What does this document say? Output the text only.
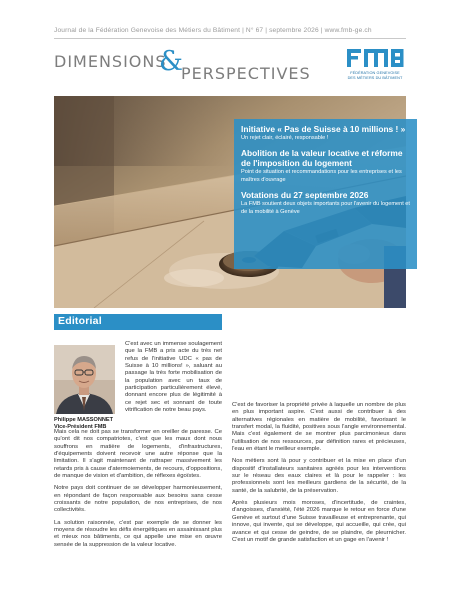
Journal de la Fédération Genevoise des Métiers du Bâtiment | N° 67 | septembre 2026 | www.fmb-ge.ch
DIMENSIONS
&
PERSPECTIVES	FÉDÉRATION GENEVOISE
DES MÉTIERS DU BÂTIMENT
Initiative « Pas de Suisse à 10 millions ! »
Un rejet clair, éclairé, responsable !
Abolition de la valeur locative et réforme de l'imposition du logement
Point de situation et recommandations pour les entreprises et les maîtres d'ouvrage
Votations du 27 septembre 2026
La FMB soutient deux objets importants pour l'avenir du logement et de la mobilité à Genève
Editorial
Philippe MASSONNET
Vice-Président FMB

C'est avec un immense soulagement que la FMB a pris acte du très net refus de l'initiative UDC « pas de Suisse à 10 millions! », saluant au passage la très forte mobilisation de la population avec un taux de participation particulièrement élevé, donnant encore plus de légitimité à ce rejet sec et sonnant de toute vitrification de notre beau pays.

Mais cela ne doit pas se transformer en oreiller de paresse. Ce qu'ont dit nos compatriotes, c'est que les maux dont nous souffrons en matière de logements, d'infrastructures, d'équipements doivent recevoir une autre réponse que la limitation. Il s'agit maintenant de rattraper massivement les retards pris à cause d'atermoiements, de recours, d'oppositions, de manque de vision et d'ambition, de réflexes égoïstes.

Notre pays doit continuer de se développer harmonieusement, en répondant de façon responsable aux besoins sans cesse croissants de notre population, de nos entreprises, de nos collectivités.

La solution raisonnée, c'est par exemple de se donner les moyens de résoudre les défis énergétiques en assainissant plus et mieux nos bâtiments, ce qui appelle une mise en œuvre sensée de la suppression de la valeur locative.

C'est de favoriser la propriété privée à laquelle un nombre de plus en plus important aspire. C'est aussi de contribuer à des alternatives régionales en matière de mobilité, favorisant le transfert modal, la fluidité, positives sous l'angle environnemental. Mais c'est également de se montrer plus parcimonieux dans l'utilisation de nos ressources, par définition rares et précieuses, l'eau en étant le meilleur exemple.

Nos métiers sont là pour y contribuer et la mise en place d'un dispositif d'installateurs sanitaires agréés pour les interventions sur le réseau des eaux claires et là pour le rappeler : les professionnels sont les meilleurs gardiens de la sécurité, de la santé, de la salubrité, de la préservation.

Après plusieurs mois moroses, d'incertitude, de craintes, d'angoisses, d'anxiété, l'été 2026 marque le retour en force d'une Genève et surtout d'une Suisse travailleuse et entreprenante, qui innove, qui invente, qui se développe, qui accueille, qui crée, qui avance et qui cesse de geindre, de se plaindre, de pleurnicher. C'est un motif de grande satisfaction et un gage en l'avenir !
